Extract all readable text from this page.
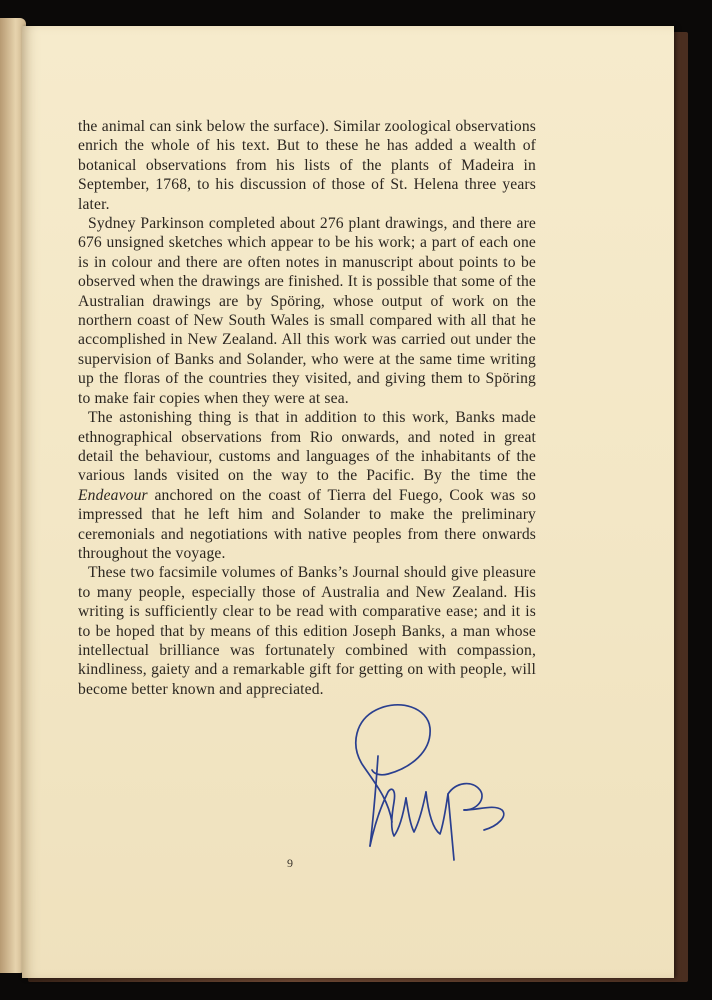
the animal can sink below the surface). Similar zoological observations enrich the whole of his text. But to these he has added a wealth of botanical observations from his lists of the plants of Madeira in September, 1768, to his discussion of those of St. Helena three years later.

Sydney Parkinson completed about 276 plant drawings, and there are 676 unsigned sketches which appear to be his work; a part of each one is in colour and there are often notes in manuscript about points to be observed when the drawings are finished. It is possible that some of the Australian drawings are by Spöring, whose output of work on the northern coast of New South Wales is small compared with all that he accomplished in New Zealand. All this work was carried out under the supervision of Banks and Solander, who were at the same time writing up the floras of the countries they visited, and giving them to Spöring to make fair copies when they were at sea.

The astonishing thing is that in addition to this work, Banks made ethnographical observations from Rio onwards, and noted in great detail the behaviour, customs and languages of the inhabitants of the various lands visited on the way to the Pacific. By the time the Endeavour anchored on the coast of Tierra del Fuego, Cook was so impressed that he left him and Solander to make the preliminary ceremonials and negotiations with native peoples from there onwards throughout the voyage.

These two facsimile volumes of Banks’s Journal should give pleasure to many people, especially those of Australia and New Zealand. His writing is sufficiently clear to be read with comparative ease; and it is to be hoped that by means of this edition Joseph Banks, a man whose intellectual brilliance was fortunately combined with compassion, kindliness, gaiety and a remarkable gift for getting on with people, will become better known and appreciated.

9
